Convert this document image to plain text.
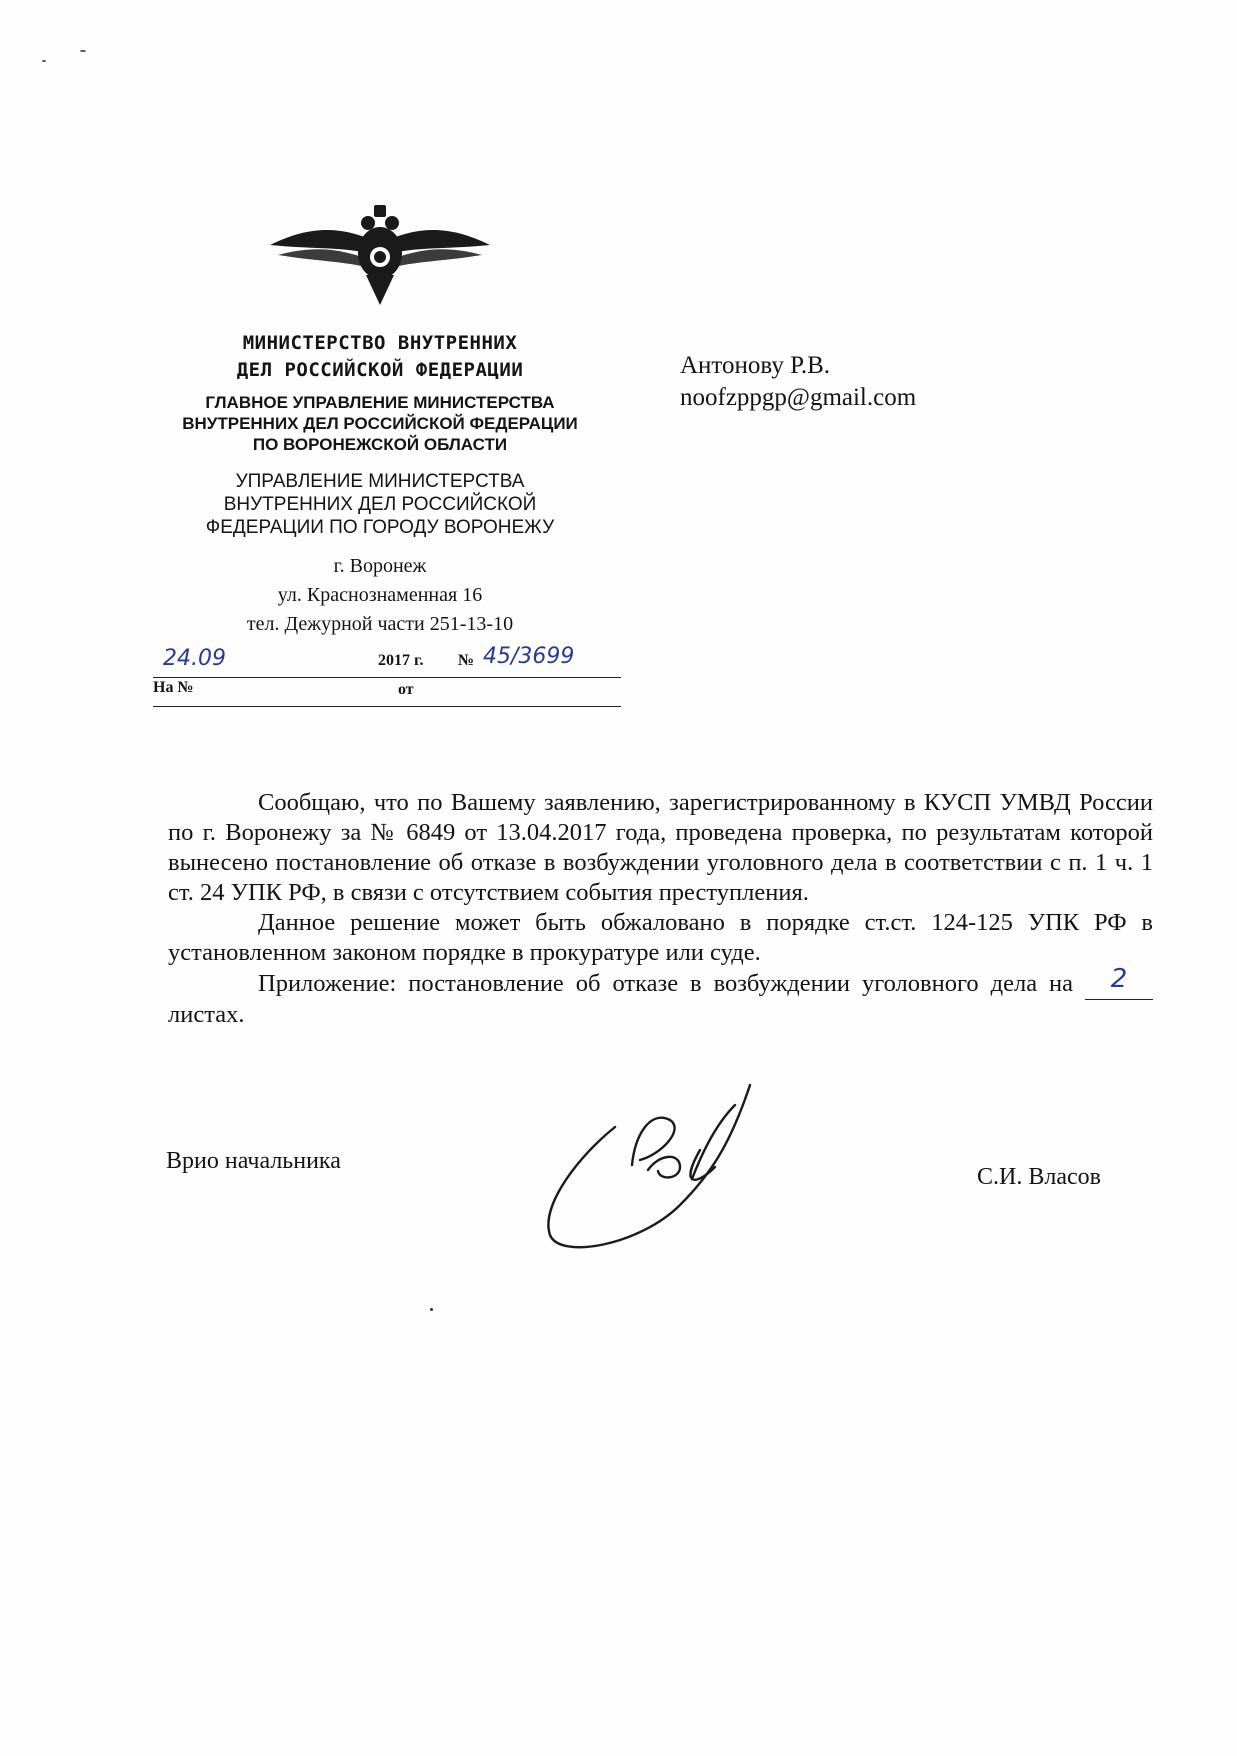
МИНИСТЕРСТВО ВНУТРЕННИХ
ДЕЛ РОССИЙСКОЙ ФЕДЕРАЦИИ
ГЛАВНОЕ УПРАВЛЕНИЕ МИНИСТЕРСТВА
ВНУТРЕННИХ ДЕЛ РОССИЙСКОЙ ФЕДЕРАЦИИ
ПО ВОРОНЕЖСКОЙ ОБЛАСТИ
УПРАВЛЕНИЕ МИНИСТЕРСТВА
ВНУТРЕННИХ ДЕЛ РОССИЙСКОЙ
ФЕДЕРАЦИИ ПО ГОРОДУ ВОРОНЕЖУ
г. Воронеж
ул. Краснознаменная 16
тел. Дежурной части 251-13-10
24.09	2017 г. № 45/3699
На №	от
Антонову Р.В.
noofzppgp@gmail.com

Сообщаю, что по Вашему заявлению, зарегистрированному в КУСП УМВД России по г. Воронежу за № 6849 от 13.04.2017 года, проведена проверка, по результатам которой вынесено постановление об отказе в возбуждении уголовного дела в соответствии с п. 1 ч. 1 ст. 24 УПК РФ, в связи с отсутствием события преступления.

Данное решение может быть обжаловано в порядке ст.ст. 124-125 УПК РФ в установленном законом порядке в прокуратуре или суде.

Приложение: постановление об отказе в возбуждении уголовного дела на 2 листах.

Врио начальника
С.И. Власов
